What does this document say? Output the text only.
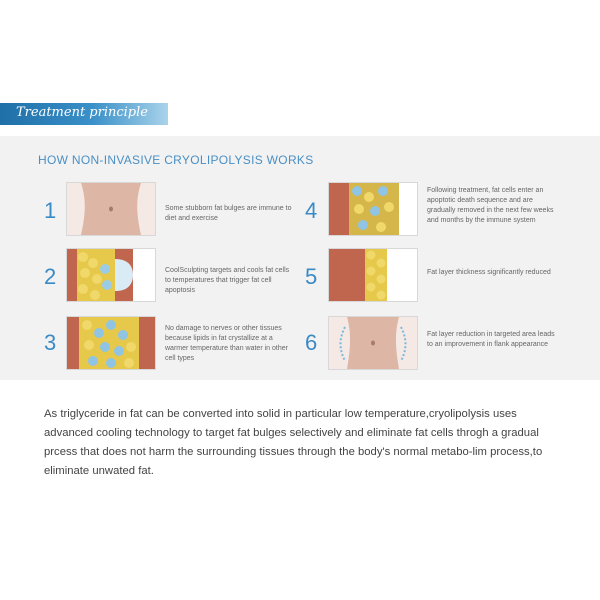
Treatment principle
HOW NON-INVASIVE CRYOLIPOLYSIS WORKS
1	Some stubborn fat bulges are immune to diet and exercise
2	CoolSculpting targets and cools fat cells to temperatures that trigger fat cell apoptosis
3
No damage to nerves or other tissues because lipids in fat crystallize at a warmer temperature than water in other cell types
4
Following treatment, fat cells enter an apoptotic death sequence and are gradually removed in the next few weeks and months by the immune system
5	Fat layer thickness significantly reduced
6	Fat layer reduction in targeted area leads to an improvement in flank appearance

As triglyceride in fat can be converted into solid in particular low temperature,cryolipolysis uses advanced cooling technology to target fat bulges selectively and eliminate fat cells throgh a gradual prcess that does not harm the surrounding tissues through the body's normal metabo-lim process,to eliminate unwated fat.
